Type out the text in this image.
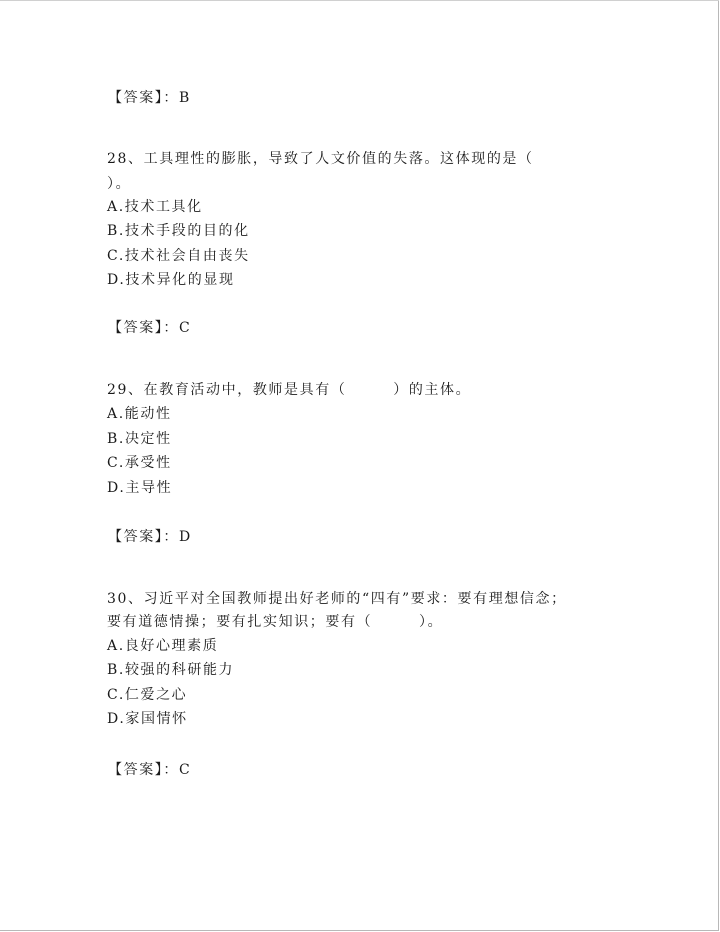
【答案】：B
28、工具理性的膨胀，导致了人文价值的失落。这体现的是（
）。
A.技术工具化
B.技术手段的目的化
C.技术社会自由丧失
D.技术异化的显现
【答案】：C
29、在教育活动中，教师是具有（　　　）的主体。
A.能动性
B.决定性
C.承受性
D.主导性
【答案】：D
30、习近平对全国教师提出好老师的“四有”要求：要有理想信念；
要有道德情操；要有扎实知识；要有（　　　）。
A.良好心理素质
B.较强的科研能力
C.仁爱之心
D.家国情怀
【答案】：C
